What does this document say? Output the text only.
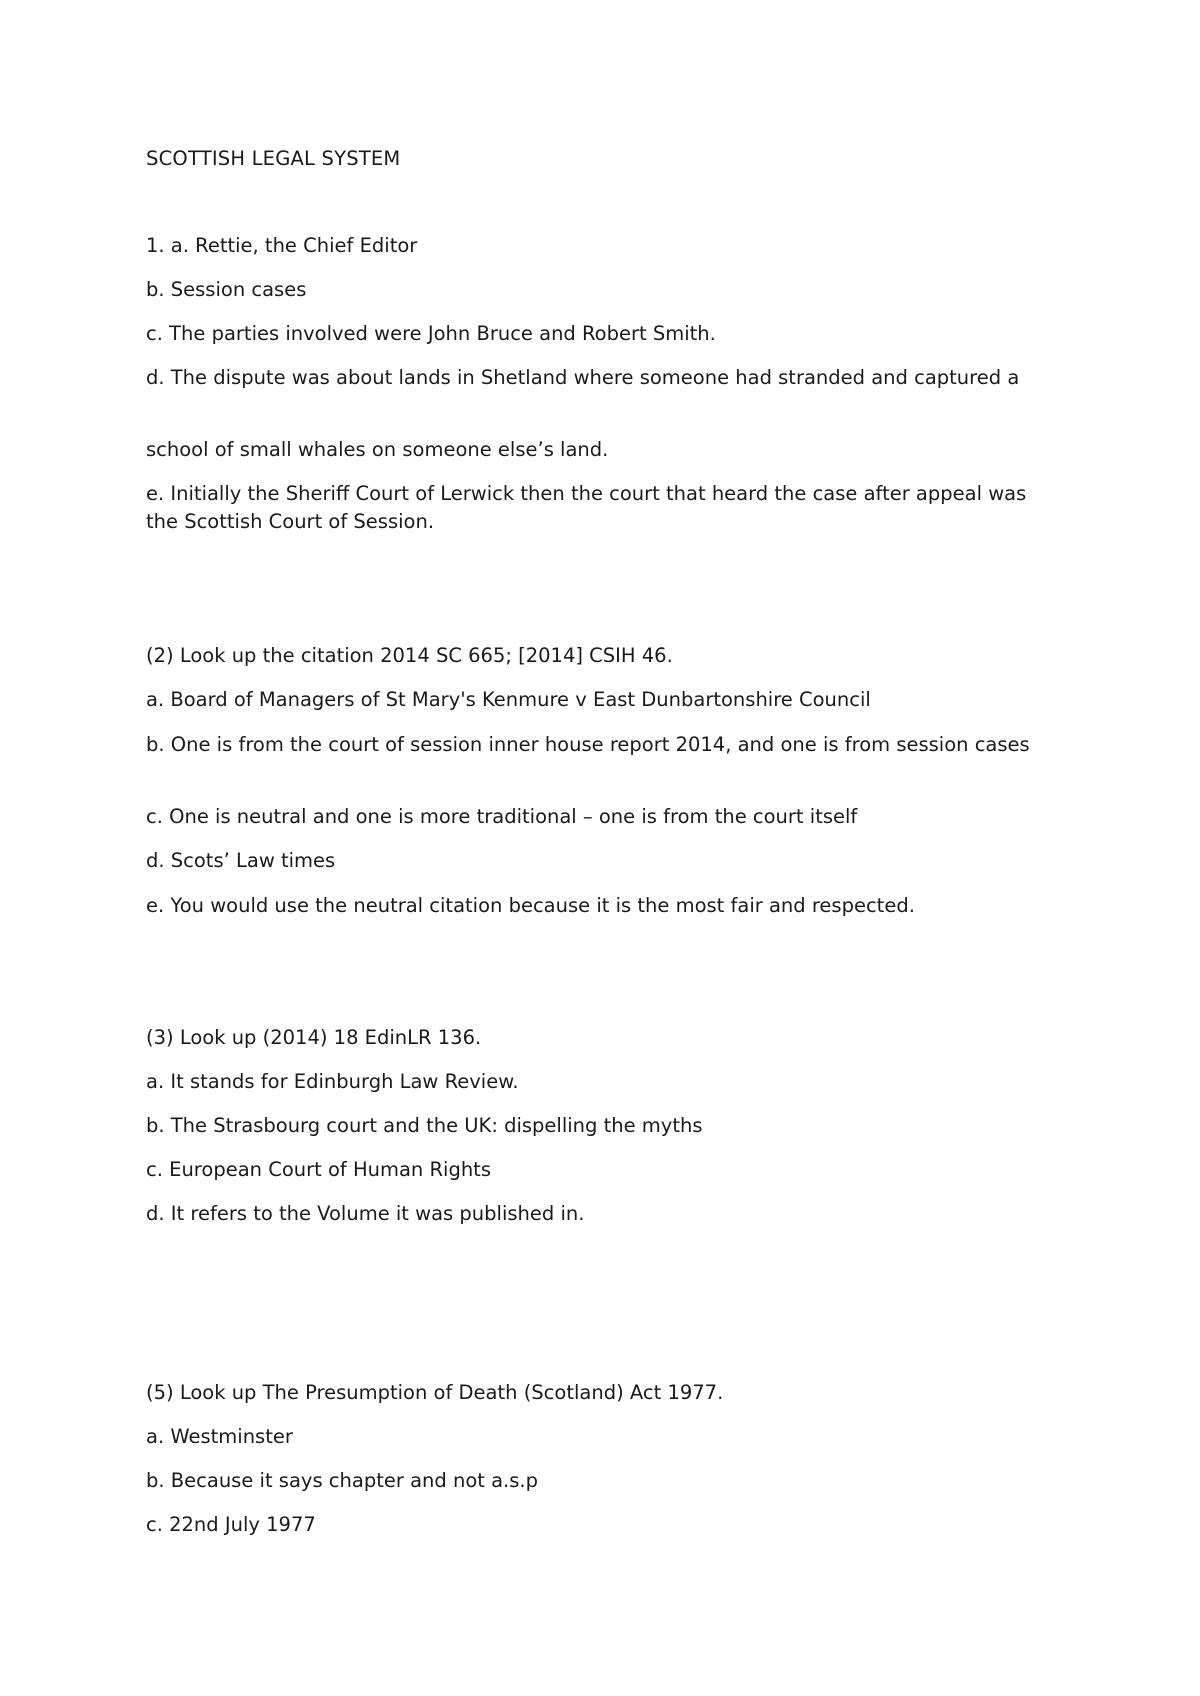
SCOTTISH LEGAL SYSTEM

1. a. Rettie, the Chief Editor

b. Session cases

c. The parties involved were John Bruce and Robert Smith.

d. The dispute was about lands in Shetland where someone had stranded and captured a

school of small whales on someone else’s land.

e. Initially the Sheriff Court of Lerwick then the court that heard the case after appeal was the Scottish Court of Session.

(2) Look up the citation 2014 SC 665; [2014] CSIH 46.

a. Board of Managers of St Mary's Kenmure v East Dunbartonshire Council

b. One is from the court of session inner house report 2014, and one is from session cases

c. One is neutral and one is more traditional – one is from the court itself

d. Scots’ Law times

e. You would use the neutral citation because it is the most fair and respected.

(3) Look up (2014) 18 EdinLR 136.

a. It stands for Edinburgh Law Review.

b. The Strasbourg court and the UK: dispelling the myths

c. European Court of Human Rights

d. It refers to the Volume it was published in.

(5) Look up The Presumption of Death (Scotland) Act 1977.

a. Westminster

b. Because it says chapter and not a.s.p

c. 22nd July 1977
